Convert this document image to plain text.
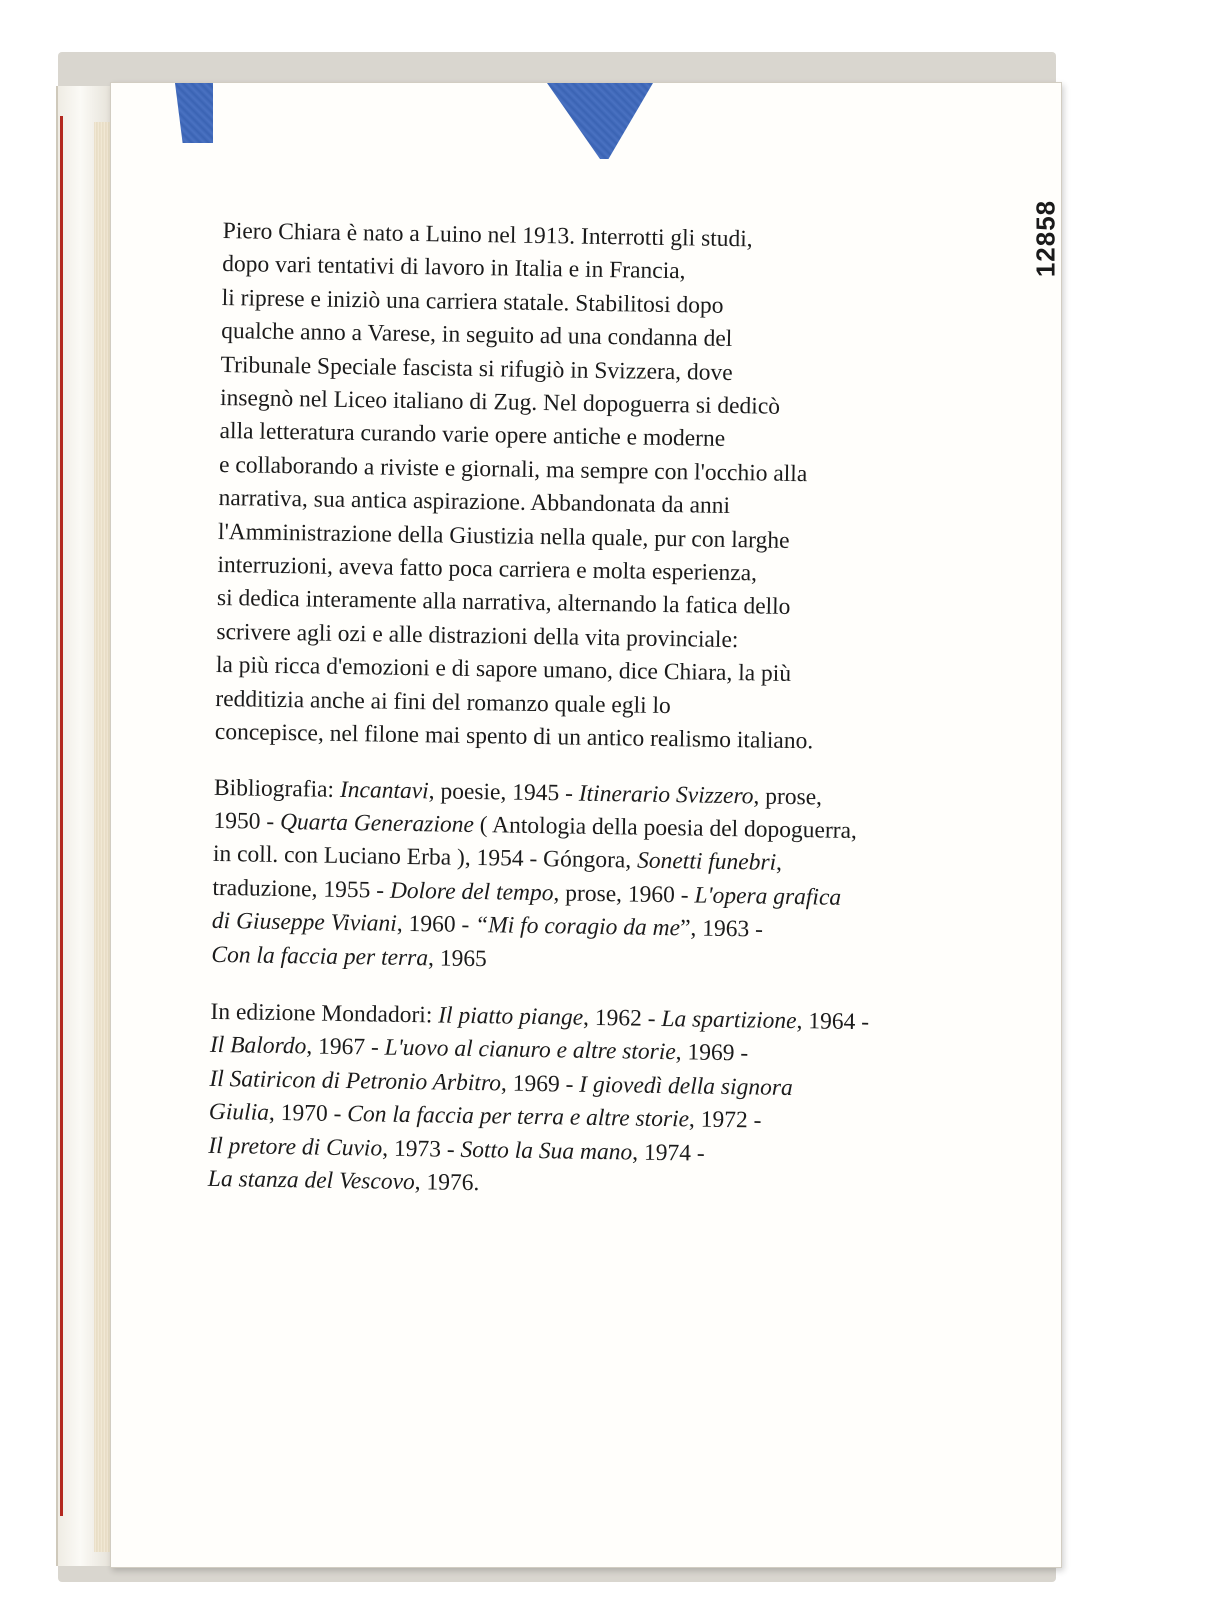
12858

Piero Chiara è nato a Luino nel 1913. Interrotti gli studi,
dopo vari tentativi di lavoro in Italia e in Francia,
li riprese e iniziò una carriera statale. Stabilitosi dopo
qualche anno a Varese, in seguito ad una condanna del
Tribunale Speciale fascista si rifugiò in Svizzera, dove
insegnò nel Liceo italiano di Zug. Nel dopoguerra si dedicò
alla letteratura curando varie opere antiche e moderne
e collaborando a riviste e giornali, ma sempre con l'occhio alla
narrativa, sua antica aspirazione. Abbandonata da anni
l'Amministrazione della Giustizia nella quale, pur con larghe
interruzioni, aveva fatto poca carriera e molta esperienza,
si dedica interamente alla narrativa, alternando la fatica dello
scrivere agli ozi e alle distrazioni della vita provinciale:
la più ricca d'emozioni e di sapore umano, dice Chiara, la più
redditizia anche ai fini del romanzo quale egli lo
concepisce, nel filone mai spento di un antico realismo italiano.

Bibliografia: Incantavi, poesie, 1945 - Itinerario Svizzero, prose,
1950 - Quarta Generazione ( Antologia della poesia del dopoguerra,
in coll. con Luciano Erba ), 1954 - Góngora, Sonetti funebri,
traduzione, 1955 - Dolore del tempo, prose, 1960 - L'opera grafica
di Giuseppe Viviani, 1960 - “Mi fo coragio da me”, 1963 -
Con la faccia per terra, 1965

In edizione Mondadori: Il piatto piange, 1962 - La spartizione, 1964 -
Il Balordo, 1967 - L'uovo al cianuro e altre storie, 1969 -
Il Satiricon di Petronio Arbitro, 1969 - I giovedì della signora
Giulia, 1970 - Con la faccia per terra e altre storie, 1972 -
Il pretore di Cuvio, 1973 - Sotto la Sua mano, 1974 -
La stanza del Vescovo, 1976.
